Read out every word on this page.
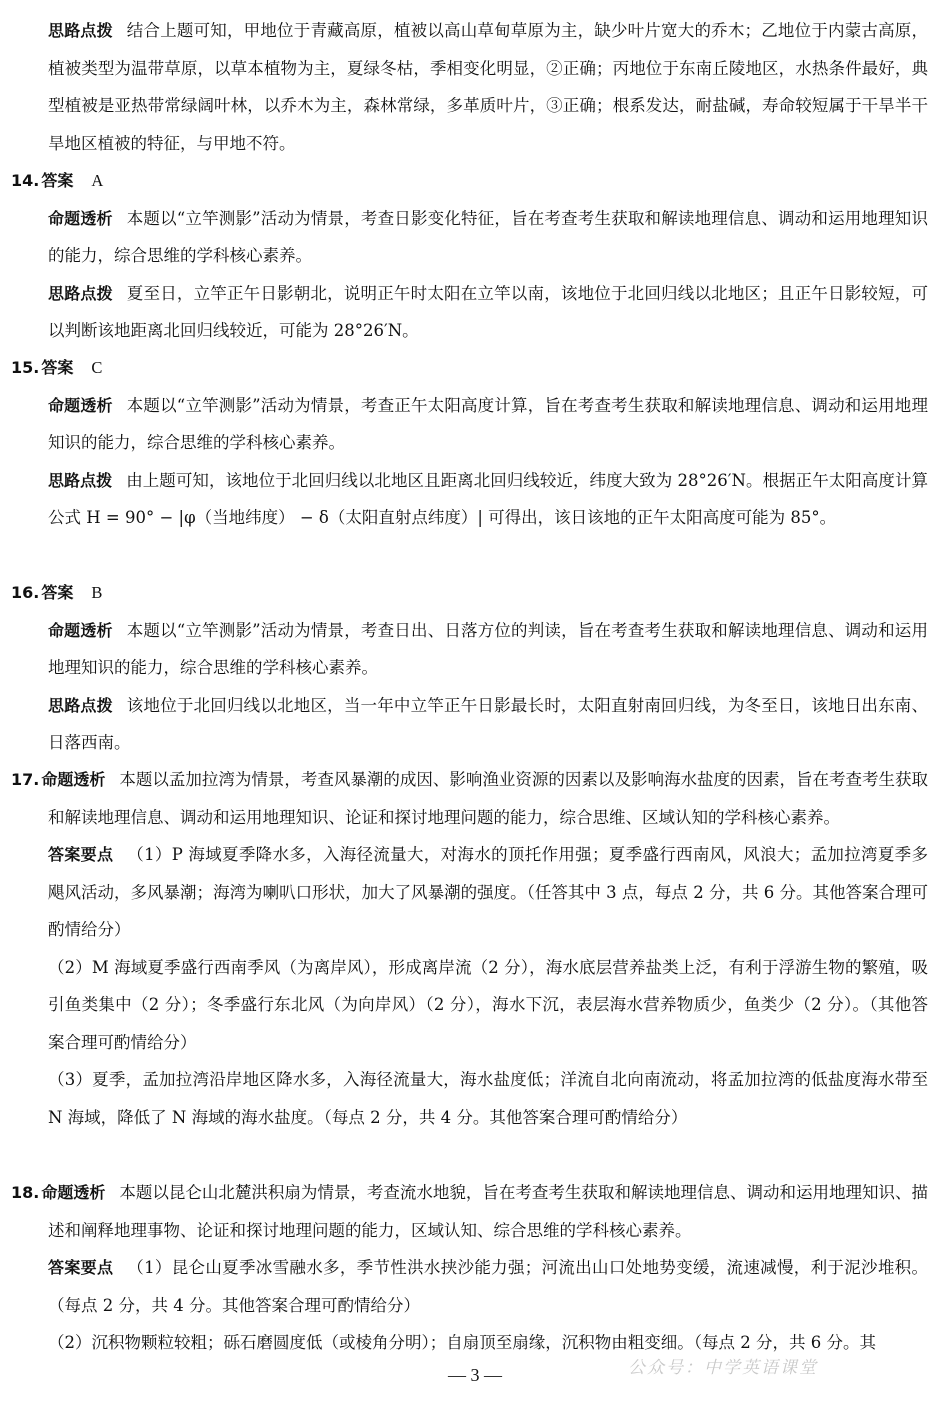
思路点拨 结合上题可知，甲地位于青藏高原，植被以高山草甸草原为主，缺少叶片宽大的乔木；乙地位于内蒙古高原，植被类型为温带草原，以草本植物为主，夏绿冬枯，季相变化明显，②正确；丙地位于东南丘陵地区，水热条件最好，典型植被是亚热带常绿阔叶林，以乔木为主，森林常绿，多革质叶片，③正确；根系发达，耐盐碱，寿命较短属于干旱半干旱地区植被的特征，与甲地不符。

14. 答案 A

命题透析 本题以“立竿测影”活动为情景，考查日影变化特征，旨在考查考生获取和解读地理信息、调动和运用地理知识的能力，综合思维的学科核心素养。

思路点拨 夏至日，立竿正午日影朝北，说明正午时太阳在立竿以南，该地位于北回归线以北地区；且正午日影较短，可以判断该地距离北回归线较近，可能为 28°26′N。

15. 答案 C

命题透析 本题以“立竿测影”活动为情景，考查正午太阳高度计算，旨在考查考生获取和解读地理信息、调动和运用地理知识的能力，综合思维的学科核心素养。

思路点拨 由上题可知，该地位于北回归线以北地区且距离北回归线较近，纬度大致为 28°26′N。根据正午太阳高度计算公式 H = 90° − |φ（当地纬度） − δ（太阳直射点纬度）| 可得出，该日该地的正午太阳高度可能为 85°。

16. 答案 B

命题透析 本题以“立竿测影”活动为情景，考查日出、日落方位的判读，旨在考查考生获取和解读地理信息、调动和运用地理知识的能力，综合思维的学科核心素养。

思路点拨 该地位于北回归线以北地区，当一年中立竿正午日影最长时，太阳直射南回归线，为冬至日，该地日出东南、日落西南。

17. 命题透析 本题以孟加拉湾为情景，考查风暴潮的成因、影响渔业资源的因素以及影响海水盐度的因素，旨在考查考生获取和解读地理信息、调动和运用地理知识、论证和探讨地理问题的能力，综合思维、区域认知的学科核心素养。

答案要点 （1）P 海域夏季降水多，入海径流量大，对海水的顶托作用强；夏季盛行西南风，风浪大；孟加拉湾夏季多飓风活动，多风暴潮；海湾为喇叭口形状，加大了风暴潮的强度。（任答其中 3 点，每点 2 分，共 6 分。其他答案合理可酌情给分）

（2）M 海域夏季盛行西南季风（为离岸风），形成离岸流（2 分），海水底层营养盐类上泛，有利于浮游生物的繁殖，吸引鱼类集中（2 分）；冬季盛行东北风（为向岸风）（2 分），海水下沉，表层海水营养物质少，鱼类少（2 分）。（其他答案合理可酌情给分）

（3）夏季，孟加拉湾沿岸地区降水多，入海径流量大，海水盐度低；洋流自北向南流动，将孟加拉湾的低盐度海水带至 N 海域，降低了 N 海域的海水盐度。（每点 2 分，共 4 分。其他答案合理可酌情给分）

18. 命题透析 本题以昆仑山北麓洪积扇为情景，考查流水地貌，旨在考查考生获取和解读地理信息、调动和运用地理知识、描述和阐释地理事物、论证和探讨地理问题的能力，区域认知、综合思维的学科核心素养。

答案要点 （1）昆仑山夏季冰雪融水多，季节性洪水挟沙能力强；河流出山口处地势变缓，流速减慢，利于泥沙堆积。（每点 2 分，共 4 分。其他答案合理可酌情给分）

（2）沉积物颗粒较粗；砾石磨圆度低（或棱角分明）；自扇顶至扇缘，沉积物由粗变细。（每点 2 分，共 6 分。其

公众号：中学英语课堂
— 3 —
